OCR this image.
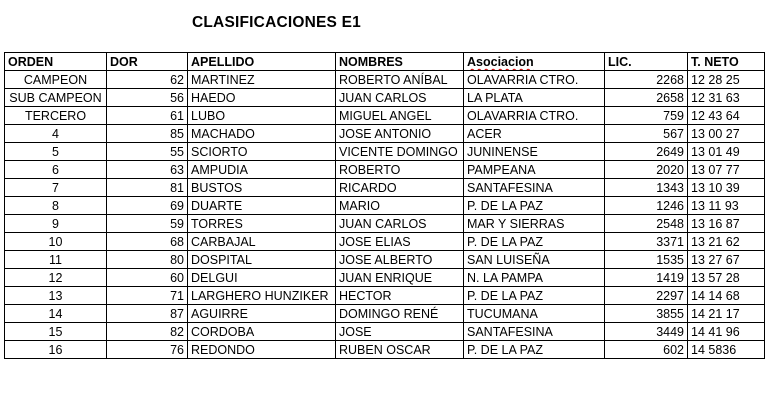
CLASIFICACIONES E1
ORDEN	DOR	APELLIDO	NOMBRES	Asociacion	LIC.	T. NETO

CAMPEON	62	MARTINEZ	ROBERTO ANÍBAL	OLAVARRIA CTRO.	2268	12 28 25

SUB CAMPEON	56	HAEDO	JUAN CARLOS	LA PLATA	2658	12 31 63

TERCERO	61	LUBO	MIGUEL ANGEL	OLAVARRIA CTRO.	759	12 43 64

4	85	MACHADO	JOSE ANTONIO	ACER	567	13 00 27

5	55	SCIORTO	VICENTE DOMINGO	JUNINENSE	2649	13 01 49

6	63	AMPUDIA	ROBERTO	PAMPEANA	2020	13 07 77

7	81	BUSTOS	RICARDO	SANTAFESINA	1343	13 10 39

8	69	DUARTE	MARIO	P. DE LA PAZ	1246	13 11 93

9	59	TORRES	JUAN CARLOS	MAR Y SIERRAS	2548	13 16 87

10	68	CARBAJAL	JOSE ELIAS	P. DE LA PAZ	3371	13 21 62

11	80	DOSPITAL	JOSE ALBERTO	SAN LUISEÑA	1535	13 27 67

12	60	DELGUI	JUAN ENRIQUE	N. LA PAMPA	1419	13 57 28

13	71	LARGHERO HUNZIKER	HECTOR	P. DE LA PAZ	2297	14 14 68

14	87	AGUIRRE	DOMINGO RENÉ	TUCUMANA	3855	14 21 17

15	82	CORDOBA	JOSE	SANTAFESINA	3449	14 41 96

16	76	REDONDO	RUBEN OSCAR	P. DE LA PAZ	602	14 5836
